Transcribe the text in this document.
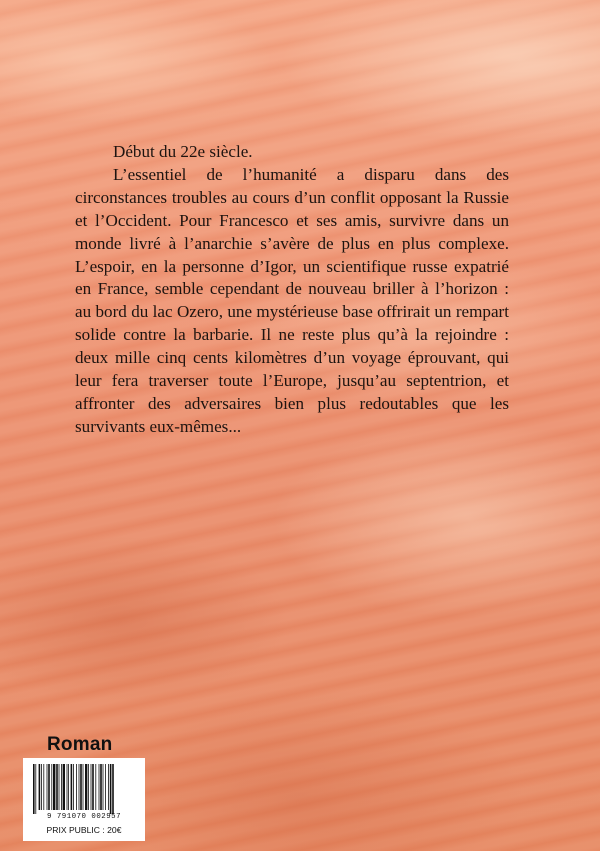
Début du 22e siècle.

L’essentiel de l’humanité a disparu dans des circonstances troubles au cours d’un conflit opposant la Russie et l’Occident. Pour Francesco et ses amis, survivre dans un monde livré à l’anarchie s’avère de plus en plus complexe. L’espoir, en la personne d’Igor, un scientifique russe expatrié en France, semble cependant de nouveau briller à l’horizon : au bord du lac Ozero, une mystérieuse base offrirait un rempart solide contre la barbarie. Il ne reste plus qu’à la rejoindre : deux mille cinq cents kilomètres d’un voyage éprouvant, qui leur fera traverser toute l’Europe, jusqu’au septentrion, et affronter des adversaires bien plus redoutables que les survivants eux-mêmes...

Roman
9 791070 002957
PRIX PUBLIC : 20€
